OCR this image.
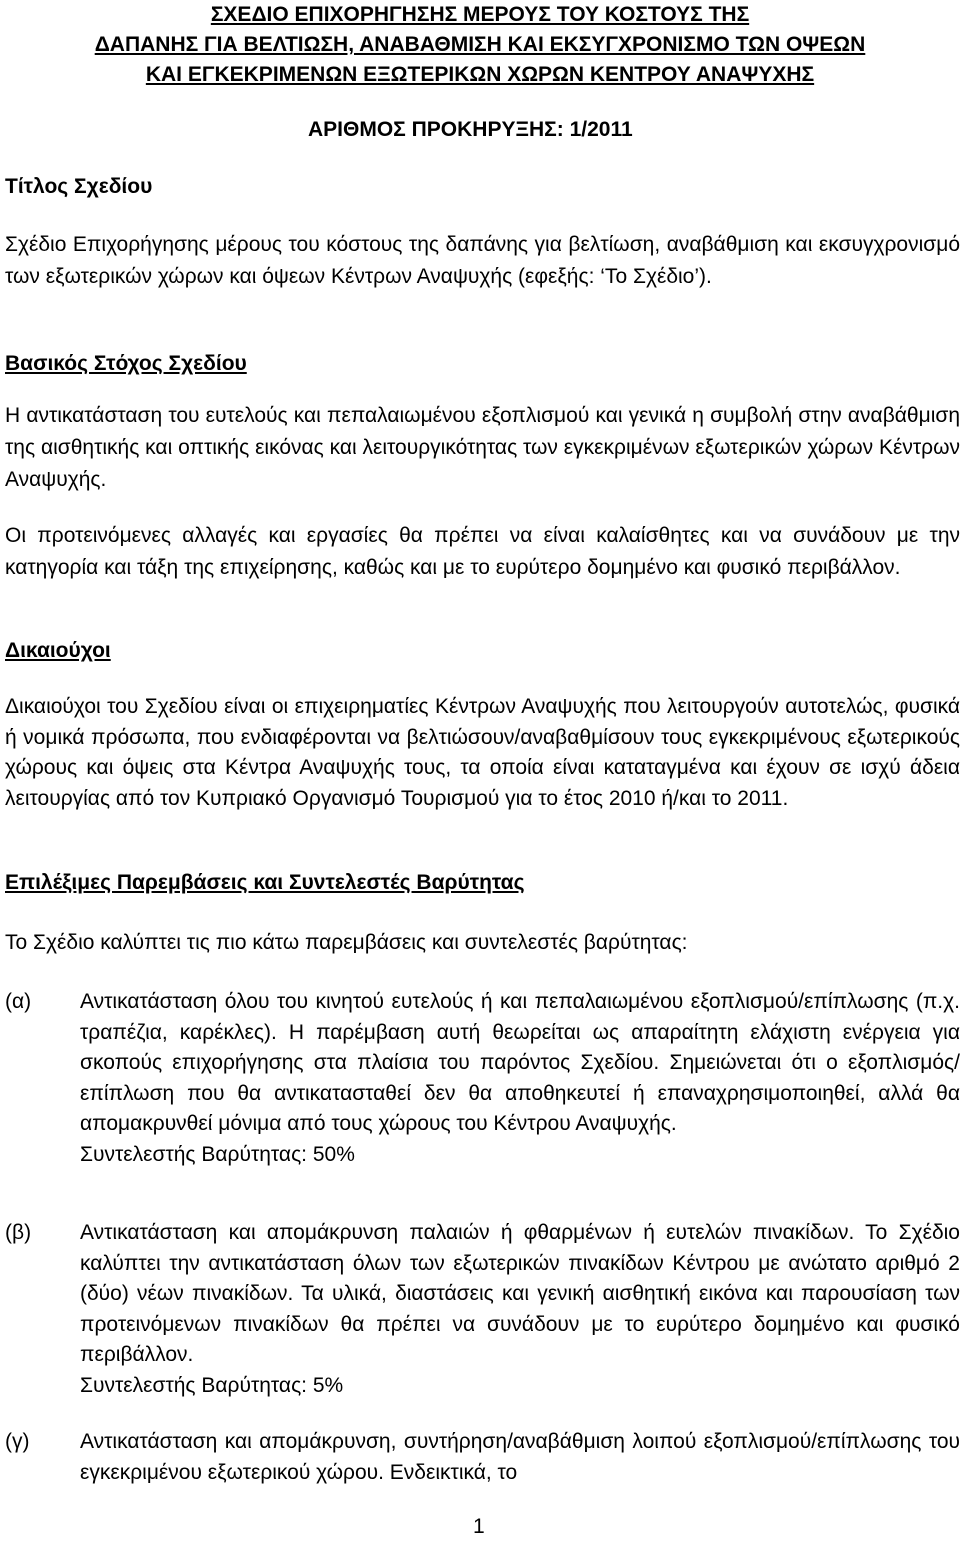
ΣΧΕΔΙΟ ΕΠΙΧΟΡΗΓΗΣΗΣ ΜΕΡΟΥΣ ΤΟΥ ΚΟΣΤΟΥΣ ΤΗΣ
ΔΑΠΑΝΗΣ ΓΙΑ ΒΕΛΤΙΩΣΗ, ΑΝΑΒΑΘΜΙΣΗ ΚΑΙ ΕΚΣΥΓΧΡΟΝΙΣΜΟ ΤΩΝ ΟΨΕΩΝ
ΚΑΙ ΕΓΚΕΚΡΙΜΕΝΩΝ ΕΞΩΤΕΡΙΚΩΝ ΧΩΡΩΝ ΚΕΝΤΡΟΥ ΑΝΑΨΥΧΗΣ
ΑΡΙΘΜΟΣ ΠΡΟΚΗΡΥΞΗΣ: 1/2011
Τίτλος Σχεδίου
Σχέδιο Επιχορήγησης μέρους του κόστους της δαπάνης για βελτίωση, αναβάθμιση και εκσυγχρονισμό των εξωτερικών χώρων και όψεων Κέντρων Αναψυχής (εφεξής: ‘Το Σχέδιο’).
Βασικός Στόχος Σχεδίου
Η αντικατάσταση του ευτελούς και πεπαλαιωμένου εξοπλισμού και γενικά η συμβολή στην αναβάθμιση της αισθητικής και οπτικής εικόνας και λειτουργικότητας των εγκεκριμένων εξωτερικών χώρων Κέντρων Αναψυχής.
Οι προτεινόμενες αλλαγές και εργασίες θα πρέπει να είναι καλαίσθητες και να συνάδουν με την κατηγορία και τάξη της επιχείρησης, καθώς και με το ευρύτερο δομημένο και φυσικό περιβάλλον.
Δικαιούχοι
Δικαιούχοι του Σχεδίου είναι οι επιχειρηματίες Κέντρων Αναψυχής που λειτουργούν αυτοτελώς, φυσικά ή νομικά πρόσωπα, που ενδιαφέρονται να βελτιώσουν/αναβαθμίσουν τους εγκεκριμένους εξωτερικούς χώρους και όψεις στα Κέντρα Αναψυχής τους, τα οποία είναι καταταγμένα και έχουν σε ισχύ άδεια λειτουργίας από τον Κυπριακό Οργανισμό Τουρισμού για το έτος 2010 ή/και το 2011.
Επιλέξιμες Παρεμβάσεις και Συντελεστές Βαρύτητας
Το Σχέδιο καλύπτει τις πιο κάτω παρεμβάσεις και συντελεστές βαρύτητας:
(α) Αντικατάσταση όλου του κινητού ευτελούς ή και πεπαλαιωμένου εξοπλισμού/επίπλωσης (π.χ. τραπέζια, καρέκλες). Η παρέμβαση αυτή θεωρείται ως απαραίτητη ελάχιστη ενέργεια για σκοπούς επιχορήγησης στα πλαίσια του παρόντος Σχεδίου. Σημειώνεται ότι ο εξοπλισμός/επίπλωση που θα αντικατασταθεί δεν θα αποθηκευτεί ή επαναχρησιμοποιηθεί, αλλά θα απομακρυνθεί μόνιμα από τους χώρους του Κέντρου Αναψυχής.
Συντελεστής Βαρύτητας: 50%
(β) Αντικατάσταση και απομάκρυνση παλαιών ή φθαρμένων ή ευτελών πινακίδων. Το Σχέδιο καλύπτει την αντικατάσταση όλων των εξωτερικών πινακίδων Κέντρου με ανώτατο αριθμό 2 (δύο) νέων πινακίδων. Τα υλικά, διαστάσεις και γενική αισθητική εικόνα και παρουσίαση των προτεινόμενων πινακίδων θα πρέπει να συνάδουν με το ευρύτερο δομημένο και φυσικό περιβάλλον.
Συντελεστής Βαρύτητας: 5%
(γ) Αντικατάσταση και απομάκρυνση, συντήρηση/αναβάθμιση λοιπού εξοπλισμού/επίπλωσης του εγκεκριμένου εξωτερικού χώρου. Ενδεικτικά, το
1
